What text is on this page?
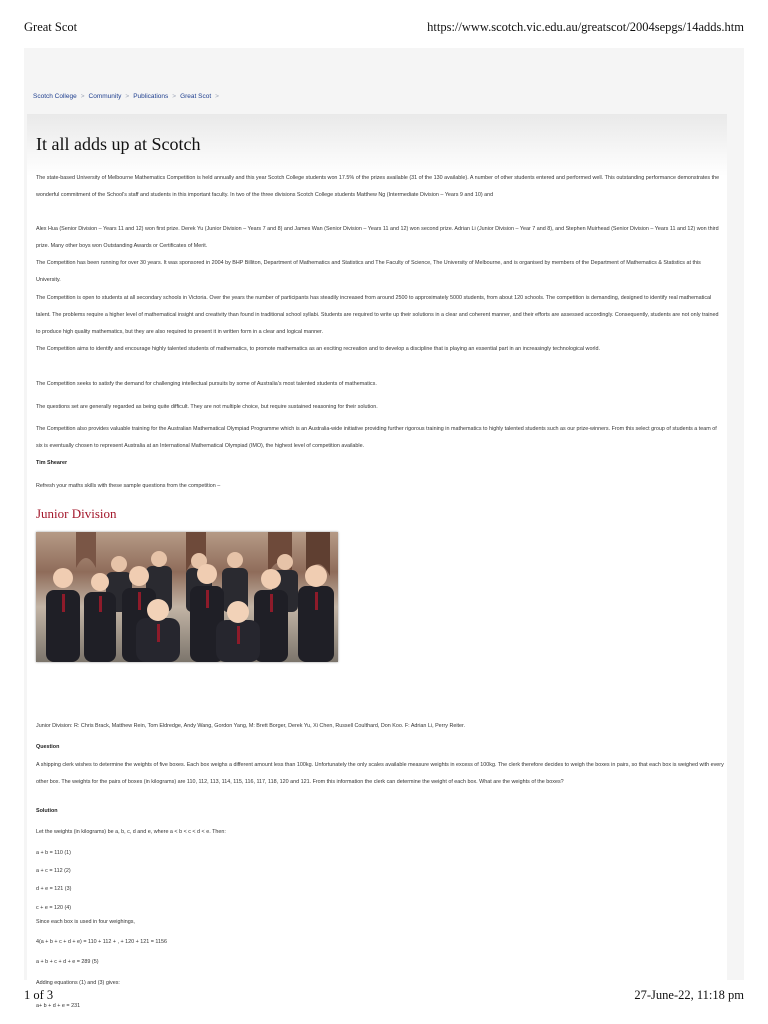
Great Scot	https://www.scotch.vic.edu.au/greatscot/2004sepgs/14adds.htm
Scotch College > Community > Publications > Great Scot >
It all adds up at Scotch

The state-based University of Melbourne Mathematics Competition is held annually and this year Scotch College students won 17.5% of the prizes available (31 of the 130 available). A number of other students entered and performed well. This outstanding performance demonstrates the wonderful commitment of the School's staff and students in this important faculty. In two of the three divisions Scotch College students Matthew Ng (Intermediate Division – Years 9 and 10) and

Alex Hua (Senior Division – Years 11 and 12) won first prize. Derek Yu (Junior Division – Years 7 and 8) and James Wan (Senior Division – Years 11 and 12) won second prize. Adrian Li (Junior Division – Year 7 and 8), and Stephen Muirhead (Senior Division – Years 11 and 12) won third prize. Many other boys won Outstanding Awards or Certificates of Merit.

The Competition has been running for over 30 years. It was sponsored in 2004 by BHP Billiton, Department of Mathematics and Statistics and The Faculty of Science, The University of Melbourne, and is organised by members of the Department of Mathematics & Statistics at this University.

The Competition is open to students at all secondary schools in Victoria. Over the years the number of participants has steadily increased from around 2500 to approximately 5000 students, from about 120 schools. The competition is demanding, designed to identify real mathematical talent. The problems require a higher level of mathematical insight and creativity than found in traditional school syllabi. Students are required to write up their solutions in a clear and coherent manner, and their efforts are assessed accordingly. Consequently, students are not only trained to produce high quality mathematics, but they are also required to present it in written form in a clear and logical manner.

The Competition aims to identify and encourage highly talented students of mathematics, to promote mathematics as an exciting recreation and to develop a discipline that is playing an essential part in an increasingly technological world.

The Competition seeks to satisfy the demand for challenging intellectual pursuits by some of Australia's most talented students of mathematics.

The questions set are generally regarded as being quite difficult. They are not multiple choice, but require sustained reasoning for their solution.

The Competition also provides valuable training for the Australian Mathematical Olympiad Programme which is an Australia-wide initiative providing further rigorous training in mathematics to highly talented students such as our prize-winners. From this select group of students a team of six is eventually chosen to represent Australia at an International Mathematical Olympiad (IMO), the highest level of competition available.

Tim Shearer

Refresh your maths skills with these sample questions from the competition –

Junior Division

Junior Division: R: Chris Brack, Matthew Rein, Tom Eldredge, Andy Wang, Gordon Yang, M: Brett Borger, Derek Yu, Xi Chen, Russell Coulthard, Don Koo. F: Adrian Li, Perry Reiter.

Question

A shipping clerk wishes to determine the weights of five boxes. Each box weighs a different amount less than 100kg. Unfortunately the only scales available measure weights in excess of 100kg. The clerk therefore decides to weigh the boxes in pairs, so that each box is weighed with every other box. The weights for the pairs of boxes (in kilograms) are 110, 112, 113, 114, 115, 116, 117, 118, 120 and 121. From this information the clerk can determine the weight of each box. What are the weights of the boxes?

Solution

Let the weights (in kilograms) be a, b, c, d and e, where a < b < c < d < e. Then:

a + b = 110 (1)

a + c = 112 (2)

d + e = 121 (3)

c + e = 120 (4)

Since each box is used in four weighings,

4(a + b + c + d + e) = 110 + 112 + , + 120 + 121 = 1156

a + b + c + d + e = 289 (5)

Adding equations (1) and (3) gives:

a+ b + d + e = 231

1 of 3	27-June-22, 11:18 pm
